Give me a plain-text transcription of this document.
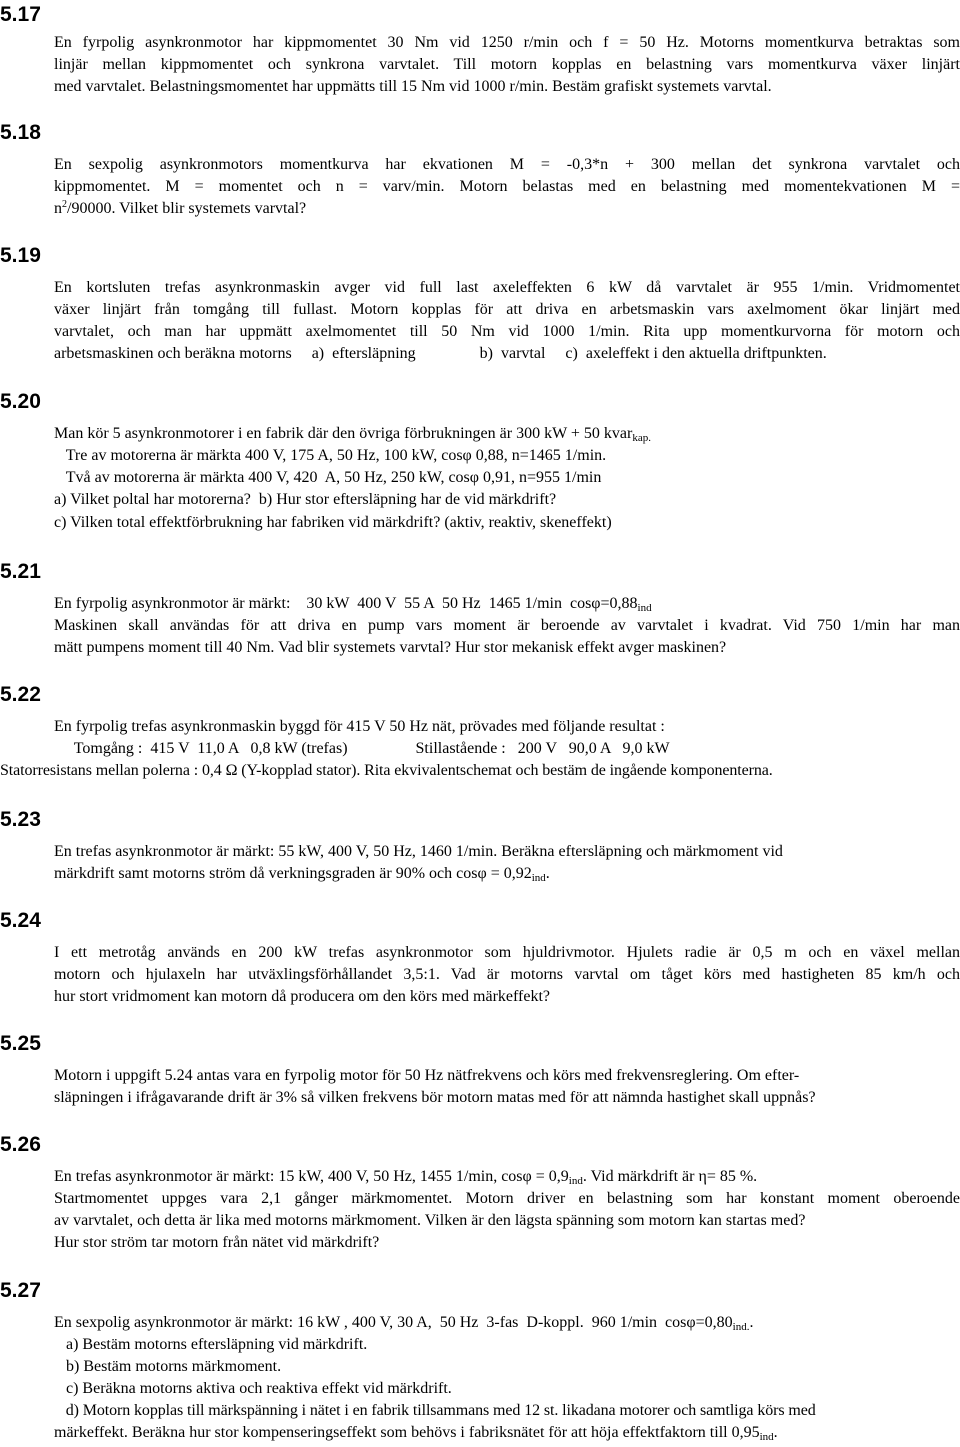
5.17
En fyrpolig asynkronmotor har kippmomentet 30 Nm vid 1250 r/min och f = 50 Hz. Motorns momentkurva betraktas som
linjär mellan kippmomentet och synkrona varvtalet. Till motorn kopplas en belastning vars momentkurva växer linjärt
med varvtalet. Belastningsmomentet har uppmätts till 15 Nm vid 1000 r/min. Bestäm grafiskt systemets varvtal.
5.18
En sexpolig asynkronmotors momentkurva har ekvationen M = -0,3*n + 300 mellan det synkrona varvtalet och
kippmomentet. M = momentet och n = varv/min. Motorn belastas med en belastning med momentekvationen M =
$n^2/90000$. Vilket blir systemets varvtal?
5.19
En kortsluten trefas asynkronmaskin avger vid full last axeleffekten 6 kW då varvtalet är 955 1/min. Vridmomentet
växer linjärt från tomgång till fullast. Motorn kopplas för att driva en arbetsmaskin vars axelmoment ökar linjärt med
varvtalet, och man har uppmätt axelmomentet till 50 Nm vid 1000 1/min. Rita upp momentkurvorna för motorn och
arbetsmaskinen och beräkna motorns     a)  eftersläpning                b)  varvtal     c)  axeleffekt i den aktuella driftpunkten.
5.20
Man kör 5 asynkronmotorer i en fabrik där den övriga förbrukningen är 300 kW + 50 kvar$_{kap.}$
Tre av motorerna är märkta 400 V, 175 A, 50 Hz, 100 kW, cosφ 0,88, n=1465 1/min.
Två av motorerna är märkta 400 V, 420  A, 50 Hz, 250 kW, cosφ 0,91, n=955 1/min
a) Vilket poltal har motorerna?  b) Hur stor eftersläpning har de vid märkdrift?
c) Vilken total effektförbrukning har fabriken vid märkdrift? (aktiv, reaktiv, skeneffekt)
5.21
En fyrpolig asynkronmotor är märkt:    30 kW  400 V  55 A  50 Hz  1465 1/min  $\cos\varphi=0,88_{ind}$
Maskinen skall användas för att driva en pump vars moment är beroende av varvtalet i kvadrat. Vid 750 1/min har man
mätt pumpens moment till 40 Nm. Vad blir systemets varvtal? Hur stor mekanisk effekt avger maskinen?
5.22
En fyrpolig trefas asynkronmaskin byggd för 415 V 50 Hz nät, prövades med följande resultat :
Tomgång :  415 V  11,0 A   0,8 kW (trefas)                 Stillastående :   200 V   90,0 A   9,0 kW
Statorresistans mellan polerna : 0,4 Ω (Y-kopplad stator). Rita ekvivalentschemat och bestäm de ingående komponenterna.
5.23
En trefas asynkronmotor är märkt: 55 kW, 400 V, 50 Hz, 1460 1/min. Beräkna eftersläpning och märkmoment vid
märkdrift samt motorns ström då verkningsgraden är 90% och $\cos\varphi = 0,92_{ind}$.
5.24
I ett metrotåg används en 200 kW trefas asynkronmotor som hjuldrivmotor. Hjulets radie är 0,5 m och en växel mellan
motorn och hjulaxeln har utväxlingsförhållandet 3,5:1. Vad är motorns varvtal om tåget körs med hastigheten 85 km/h och
hur stort vridmoment kan motorn då producera om den körs med märkeffekt?
5.25
Motorn i uppgift 5.24 antas vara en fyrpolig motor för 50 Hz nätfrekvens och körs med frekvensreglering. Om efter-
släpningen i ifrågavarande drift är 3% så vilken frekvens bör motorn matas med för att nämnda hastighet skall uppnås?
5.26
En trefas asynkronmotor är märkt: 15 kW, 400 V, 50 Hz, 1455 1/min, $\cos\varphi = 0,9_{ind}$. Vid märkdrift är η= 85 %.
Startmomentet uppges vara 2,1 gånger märkmomentet. Motorn driver en belastning som har konstant moment oberoende
av varvtalet, och detta är lika med motorns märkmoment. Vilken är den lägsta spänning som motorn kan startas med?
Hur stor ström tar motorn från nätet vid märkdrift?
5.27
En sexpolig asynkronmotor är märkt: 16 kW , 400 V, 30 A,  50 Hz  3-fas  D-koppl.  960 1/min  $\cos\varphi=0,80_{ind.}$.
a) Bestäm motorns eftersläpning vid märkdrift.
b) Bestäm motorns märkmoment.
c) Beräkna motorns aktiva och reaktiva effekt vid märkdrift.
d) Motorn kopplas till märkspänning i nätet i en fabrik tillsammans med 12 st. likadana motorer och samtliga körs med
märkeffekt. Beräkna hur stor kompenseringseffekt som behövs i fabriksnätet för att höja effektfaktorn till $0,95_{ind}$.
